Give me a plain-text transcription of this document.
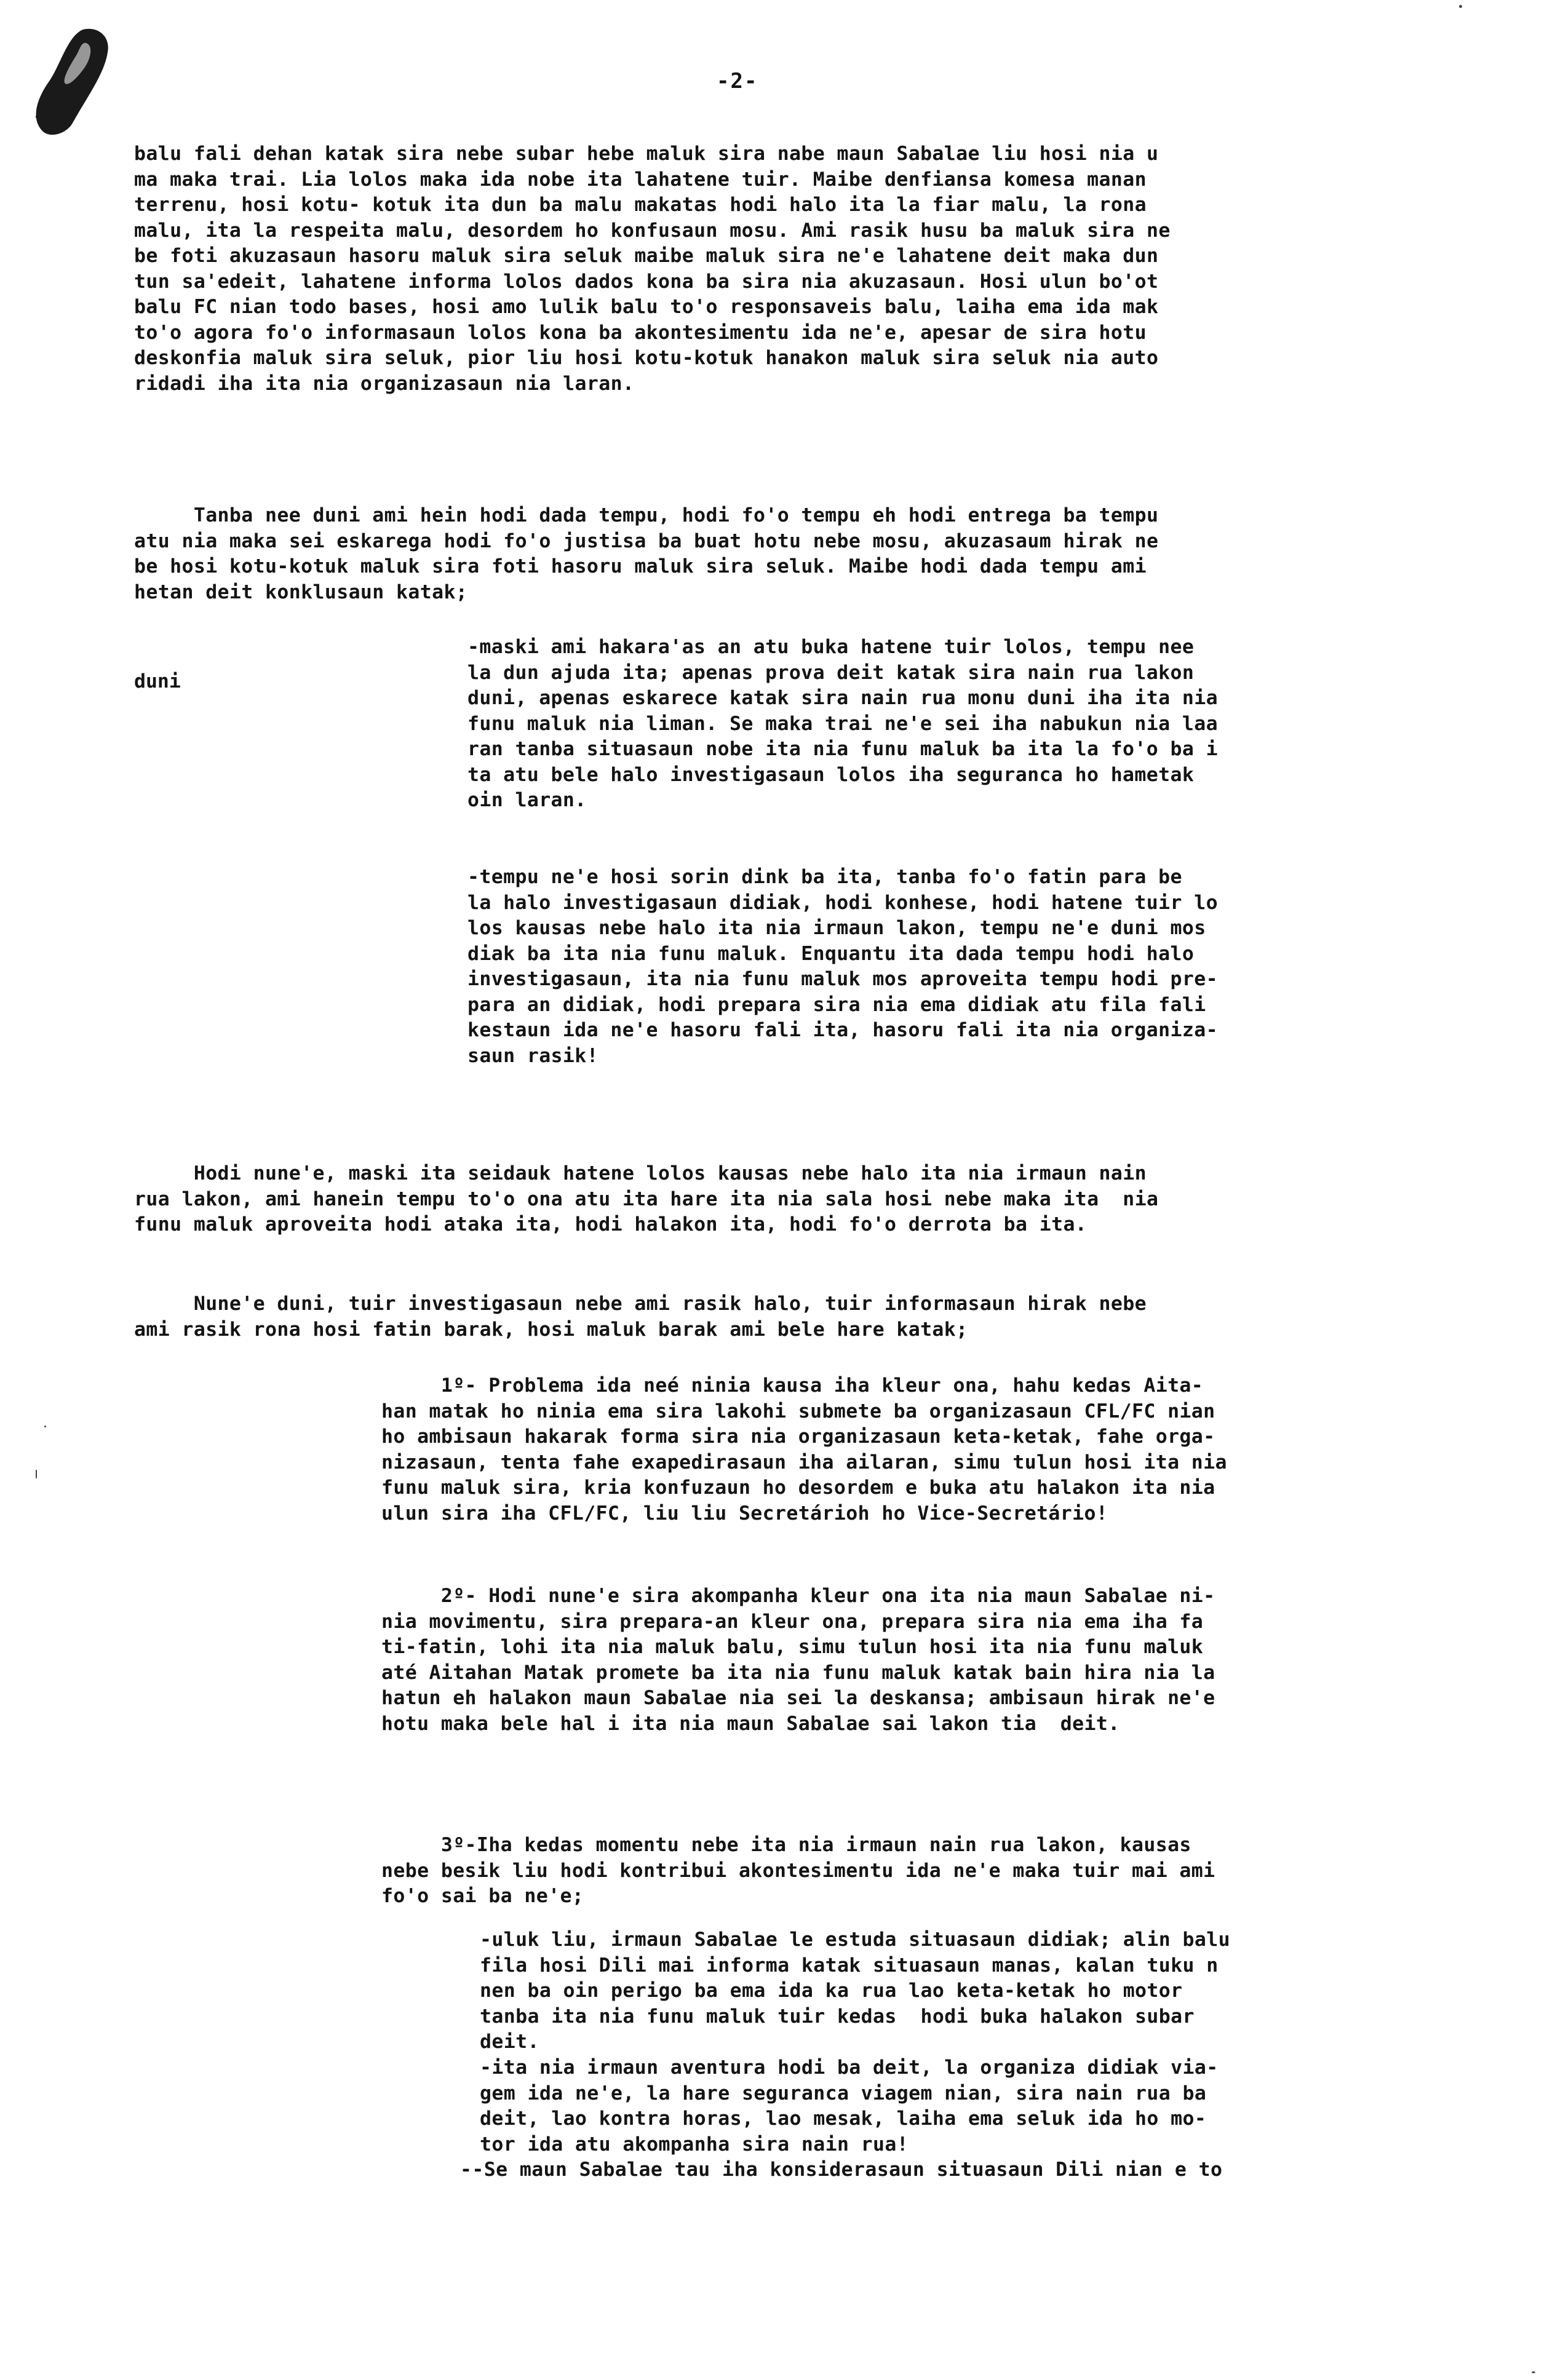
-2-
duni
balu fali dehan katak sira nebe subar hebe maluk sira nabe maun Sabalae liu hosi nia u
ma maka trai. Lia lolos maka ida nobe ita lahatene tuir. Maibe denfiansa komesa manan
terrenu, hosi kotu- kotuk ita dun ba malu makatas hodi halo ita la fiar malu, la rona
malu, ita la respeita malu, desordem ho konfusaun mosu. Ami rasik husu ba maluk sira ne
be foti akuzasaun hasoru maluk sira seluk maibe maluk sira ne'e lahatene deit maka dun
tun sa'edeit, lahatene informa lolos dados kona ba sira nia akuzasaun. Hosi ulun bo'ot
balu FC nian todo bases, hosi amo lulik balu to'o responsaveis balu, laiha ema ida mak
to'o agora fo'o informasaun lolos kona ba akontesimentu ida ne'e, apesar de sira hotu
deskonfia maluk sira seluk, pior liu hosi kotu-kotuk hanakon maluk sira seluk nia auto
ridadi iha ita nia organizasaun nia laran.
Tanba nee duni ami hein hodi dada tempu, hodi fo'o tempu eh hodi entrega ba tempu
atu nia maka sei eskarega hodi fo'o justisa ba buat hotu nebe mosu, akuzasaum hirak ne
be hosi kotu-kotuk maluk sira foti hasoru maluk sira seluk. Maibe hodi dada tempu ami
hetan deit konklusaun katak;
-maski ami hakara'as an atu buka hatene tuir lolos, tempu nee
la dun ajuda ita; apenas prova deit katak sira nain rua lakon
duni, apenas eskarece katak sira nain rua monu duni iha ita nia
funu maluk nia liman. Se maka trai ne'e sei iha nabukun nia laa
ran tanba situasaun nobe ita nia funu maluk ba ita la fo'o ba i
ta atu bele halo investigasaun lolos iha seguranca ho hametak
oin laran.
-tempu ne'e hosi sorin dink ba ita, tanba fo'o fatin para be
la halo investigasaun didiak, hodi konhese, hodi hatene tuir lo
los kausas nebe halo ita nia irmaun lakon, tempu ne'e duni mos
diak ba ita nia funu maluk. Enquantu ita dada tempu hodi halo
investigasaun, ita nia funu maluk mos aproveita tempu hodi pre-
para an didiak, hodi prepara sira nia ema didiak atu fila fali
kestaun ida ne'e hasoru fali ita, hasoru fali ita nia organiza-
saun rasik!
Hodi nune'e, maski ita seidauk hatene lolos kausas nebe halo ita nia irmaun nain
rua lakon, ami hanein tempu to'o ona atu ita hare ita nia sala hosi nebe maka ita  nia
funu maluk aproveita hodi ataka ita, hodi halakon ita, hodi fo'o derrota ba ita.
Nune'e duni, tuir investigasaun nebe ami rasik halo, tuir informasaun hirak nebe
ami rasik rona hosi fatin barak, hosi maluk barak ami bele hare katak;
1º- Problema ida neé ninia kausa iha kleur ona, hahu kedas Aita-
han matak ho ninia ema sira lakohi submete ba organizasaun CFL/FC nian
ho ambisaun hakarak forma sira nia organizasaun keta-ketak, fahe orga-
nizasaun, tenta fahe exapedirasaun iha ailaran, simu tulun hosi ita nia
funu maluk sira, kria konfuzaun ho desordem e buka atu halakon ita nia
ulun sira iha CFL/FC, liu liu Secretárioh ho Vice-Secretário!
2º- Hodi nune'e sira akompanha kleur ona ita nia maun Sabalae ni-
nia movimentu, sira prepara-an kleur ona, prepara sira nia ema iha fa
ti-fatin, lohi ita nia maluk balu, simu tulun hosi ita nia funu maluk
até Aitahan Matak promete ba ita nia funu maluk katak bain hira nia la
hatun eh halakon maun Sabalae nia sei la deskansa; ambisaun hirak ne'e
hotu maka bele hal i ita nia maun Sabalae sai lakon tia  deit.
3º-Iha kedas momentu nebe ita nia irmaun nain rua lakon, kausas
nebe besik liu hodi kontribui akontesimentu ida ne'e maka tuir mai ami
fo'o sai ba ne'e;
-uluk liu, irmaun Sabalae le estuda situasaun didiak; alin balu
fila hosi Dili mai informa katak situasaun manas, kalan tuku n
nen ba oin perigo ba ema ida ka rua lao keta-ketak ho motor
tanba ita nia funu maluk tuir kedas  hodi buka halakon subar
deit.
-ita nia irmaun aventura hodi ba deit, la organiza didiak via-
gem ida ne'e, la hare seguranca viagem nian, sira nain rua ba
deit, lao kontra horas, lao mesak, laiha ema seluk ida ho mo-
tor ida atu akompanha sira nain rua!
--Se maun Sabalae tau iha konsiderasaun situasaun Dili nian e to
